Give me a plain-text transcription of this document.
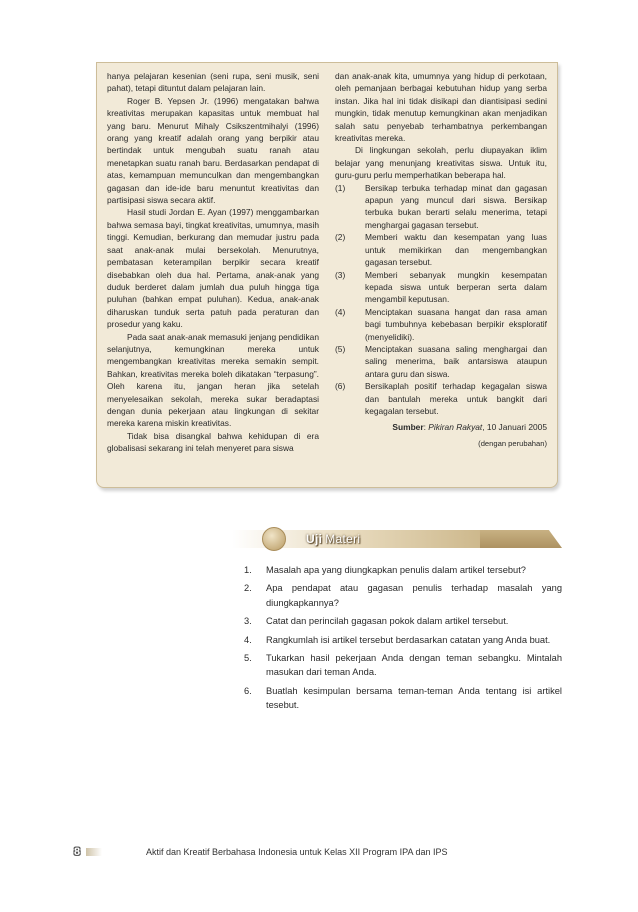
hanya pelajaran kesenian (seni rupa, seni musik, seni pahat), tetapi dituntut dalam pelajaran lain.

Roger B. Yepsen Jr. (1996) mengatakan bahwa kreativitas merupakan kapasitas untuk membuat hal yang baru. Menurut Mihaly Csikszentmihalyi (1996) orang yang kreatif adalah orang yang berpikir atau bertindak untuk mengubah suatu ranah atau menetapkan suatu ranah baru. Berdasarkan pendapat di atas, kemampuan memunculkan dan mengembangkan gagasan dan ide-ide baru menuntut kreativitas dan partisipasi siswa secara aktif.

Hasil studi Jordan E. Ayan (1997) menggambarkan bahwa semasa bayi, tingkat kreativitas, umumnya, masih tinggi. Kemudian, berkurang dan memudar justru pada saat anak-anak mulai bersekolah. Menurutnya, pembatasan keterampilan berpikir secara kreatif disebabkan oleh dua hal. Pertama, anak-anak yang duduk berderet dalam jumlah dua puluh hingga tiga puluhan (bahkan empat puluhan). Kedua, anak-anak diharuskan tunduk serta patuh pada peraturan dan prosedur yang kaku.

Pada saat anak-anak memasuki jenjang pendidikan selanjutnya, kemungkinan mereka untuk mengembangkan kreativitas mereka semakin sempit. Bahkan, kreativitas mereka boleh dikatakan “terpasung”. Oleh karena itu, jangan heran jika setelah menyelesaikan sekolah, mereka sukar beradaptasi dengan dunia pekerjaan atau lingkungan di sekitar mereka karena miskin kreativitas.

Tidak bisa disangkal bahwa kehidupan di era globalisasi sekarang ini telah menyeret para siswa

dan anak-anak kita, umumnya yang hidup di perkotaan, oleh pemanjaan berbagai kebutuhan hidup yang serba instan. Jika hal ini tidak disikapi dan diantisipasi sedini mungkin, tidak menutup kemungkinan akan menjadikan salah satu penyebab terhambatnya perkembangan kreativitas mereka.

Di lingkungan sekolah, perlu diupayakan iklim belajar yang menunjang kreativitas siswa. Untuk itu, guru-guru perlu memperhatikan beberapa hal.

(1)	Bersikap terbuka terhadap minat dan gagasan apapun yang muncul dari siswa. Bersikap terbuka bukan berarti selalu menerima, tetapi menghargai gagasan tersebut.
(2)	Memberi waktu dan kesempatan yang luas untuk memikirkan dan mengembangkan gagasan tersebut.
(3)	Memberi sebanyak mungkin kesempatan kepada siswa untuk berperan serta dalam mengambil keputusan.
(4)	Menciptakan suasana hangat dan rasa aman bagi tumbuhnya kebebasan berpikir eksploratif (menyelidiki).
(5)	Menciptakan suasana saling menghargai dan saling menerima, baik antarsiswa ataupun antara guru dan siswa.
(6)	Bersikaplah positif terhadap kegagalan siswa dan bantulah mereka untuk bangkit dari kegagalan tersebut.
Sumber: Pikiran Rakyat, 10 Januari 2005
(dengan perubahan)
Uji Materi
1.	Masalah apa yang diungkapkan penulis dalam artikel tersebut?
2.	Apa pendapat atau gagasan penulis terhadap masalah yang diungkapkannya?
3.	Catat dan perincilah gagasan pokok dalam artikel tersebut.
4.	Rangkumlah isi artikel tersebut berdasarkan catatan yang Anda buat.
5.	Tukarkan hasil pekerjaan Anda dengan teman sebangku. Mintalah masukan dari teman Anda.
6.	Buatlah kesimpulan bersama teman-teman Anda tentang isi artikel tesebut.
8	Aktif dan Kreatif Berbahasa Indonesia untuk Kelas XII Program IPA dan IPS
